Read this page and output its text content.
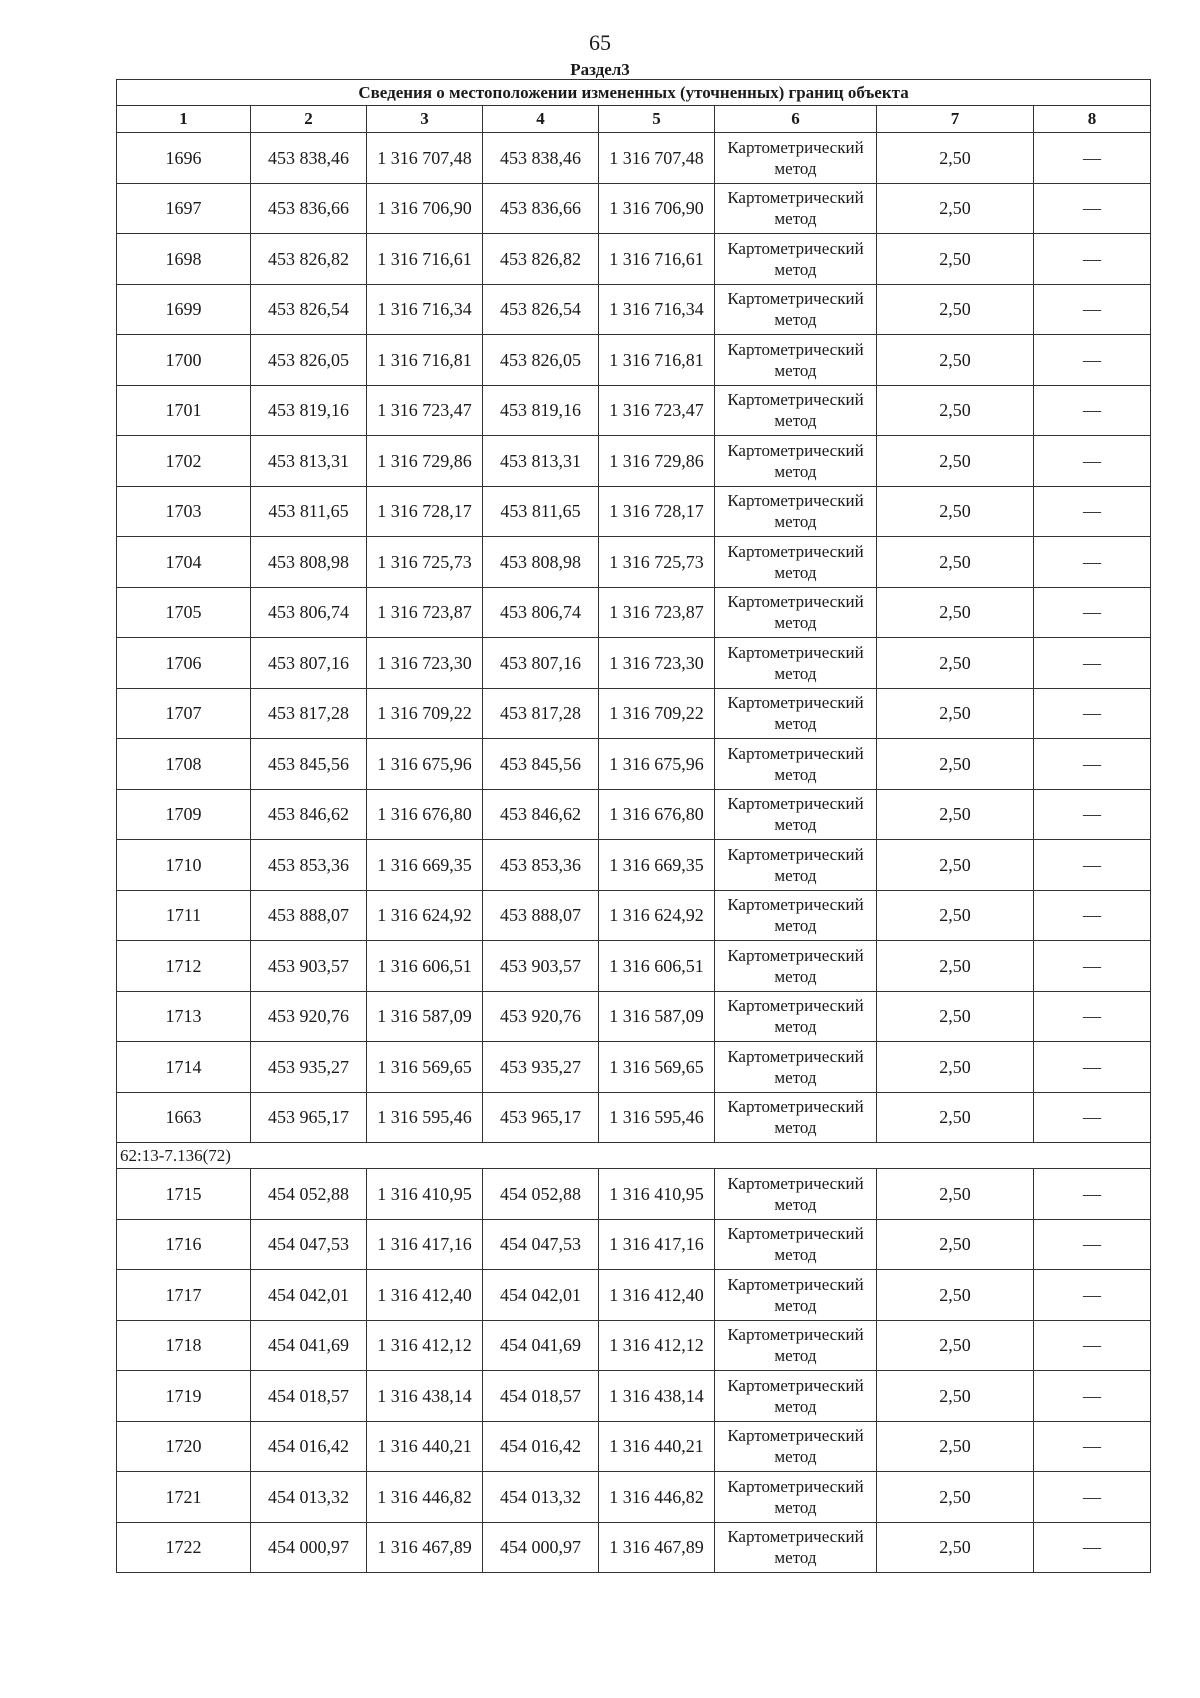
65
Раздел3
Сведения о местоположении измененных (уточненных) границ объекта							
1	2	3	4	5	6	7	8
1696	453 838,46	1 316 707,48	453 838,46	1 316 707,48	Картометрический метод	2,50	—
1697	453 836,66	1 316 706,90	453 836,66	1 316 706,90	Картометрический метод	2,50	—
1698	453 826,82	1 316 716,61	453 826,82	1 316 716,61	Картометрический метод	2,50	—
1699	453 826,54	1 316 716,34	453 826,54	1 316 716,34	Картометрический метод	2,50	—
1700	453 826,05	1 316 716,81	453 826,05	1 316 716,81	Картометрический метод	2,50	—
1701	453 819,16	1 316 723,47	453 819,16	1 316 723,47	Картометрический метод	2,50	—
1702	453 813,31	1 316 729,86	453 813,31	1 316 729,86	Картометрический метод	2,50	—
1703	453 811,65	1 316 728,17	453 811,65	1 316 728,17	Картометрический метод	2,50	—
1704	453 808,98	1 316 725,73	453 808,98	1 316 725,73	Картометрический метод	2,50	—
1705	453 806,74	1 316 723,87	453 806,74	1 316 723,87	Картометрический метод	2,50	—
1706	453 807,16	1 316 723,30	453 807,16	1 316 723,30	Картометрический метод	2,50	—
1707	453 817,28	1 316 709,22	453 817,28	1 316 709,22	Картометрический метод	2,50	—
1708	453 845,56	1 316 675,96	453 845,56	1 316 675,96	Картометрический метод	2,50	—
1709	453 846,62	1 316 676,80	453 846,62	1 316 676,80	Картометрический метод	2,50	—
1710	453 853,36	1 316 669,35	453 853,36	1 316 669,35	Картометрический метод	2,50	—
1711	453 888,07	1 316 624,92	453 888,07	1 316 624,92	Картометрический метод	2,50	—
1712	453 903,57	1 316 606,51	453 903,57	1 316 606,51	Картометрический метод	2,50	—
1713	453 920,76	1 316 587,09	453 920,76	1 316 587,09	Картометрический метод	2,50	—
1714	453 935,27	1 316 569,65	453 935,27	1 316 569,65	Картометрический метод	2,50	—
1663	453 965,17	1 316 595,46	453 965,17	1 316 595,46	Картометрический метод	2,50	—
62:13-7.136(72)							
1715	454 052,88	1 316 410,95	454 052,88	1 316 410,95	Картометрический метод	2,50	—
1716	454 047,53	1 316 417,16	454 047,53	1 316 417,16	Картометрический метод	2,50	—
1717	454 042,01	1 316 412,40	454 042,01	1 316 412,40	Картометрический метод	2,50	—
1718	454 041,69	1 316 412,12	454 041,69	1 316 412,12	Картометрический метод	2,50	—
1719	454 018,57	1 316 438,14	454 018,57	1 316 438,14	Картометрический метод	2,50	—
1720	454 016,42	1 316 440,21	454 016,42	1 316 440,21	Картометрический метод	2,50	—
1721	454 013,32	1 316 446,82	454 013,32	1 316 446,82	Картометрический метод	2,50	—
1722	454 000,97	1 316 467,89	454 000,97	1 316 467,89	Картометрический метод	2,50	—
